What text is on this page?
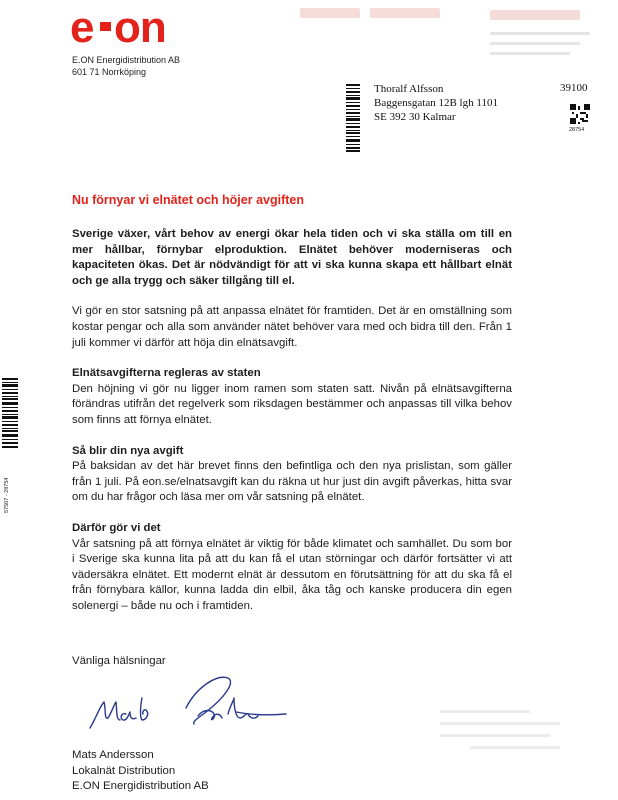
e on
E.ON Energidistribution AB
601 71 Norrköping
Thoralf Alfsson
Baggensgatan 12B lgh 1101
SE 392 30 Kalmar
39100
28754
57507 - 28754
Nu förnyar vi elnätet och höjer avgiften

Sverige växer, vårt behov av energi ökar hela tiden och vi ska ställa om till en mer hållbar, förnybar elproduktion. Elnätet behöver moderniseras och kapaciteten ökas. Det är nödvändigt för att vi ska kunna skapa ett hållbart elnät och ge alla trygg och säker tillgång till el.

Vi gör en stor satsning på att anpassa elnätet för framtiden. Det är en omställning som kostar pengar och alla som använder nätet behöver vara med och bidra till den. Från 1 juli kommer vi därför att höja din elnätsavgift.

Elnätsavgifterna regleras av staten

Den höjning vi gör nu ligger inom ramen som staten satt. Nivån på elnätsavgifterna förändras utifrån det regelverk som riksdagen bestämmer och anpassas till vilka behov som finns att förnya elnätet.

Så blir din nya avgift

På baksidan av det här brevet finns den befintliga och den nya prislistan, som gäller från 1 juli. På eon.se/elnatsavgift kan du räkna ut hur just din avgift påverkas, hitta svar om du har frågor och läsa mer om vår satsning på elnätet.

Därför gör vi det

Vår satsning på att förnya elnätet är viktig för både klimatet och samhället. Du som bor i Sverige ska kunna lita på att du kan få el utan störningar och därför fortsätter vi att vädersäkra elnätet. Ett modernt elnät är dessutom en förutsättning för att du ska få el från förnybara källor, kunna ladda din elbil, åka tåg och kanske producera din egen solenergi – både nu och i framtiden.

Vänliga hälsningar
Mats Andersson
Lokalnät Distribution
E.ON Energidistribution AB
